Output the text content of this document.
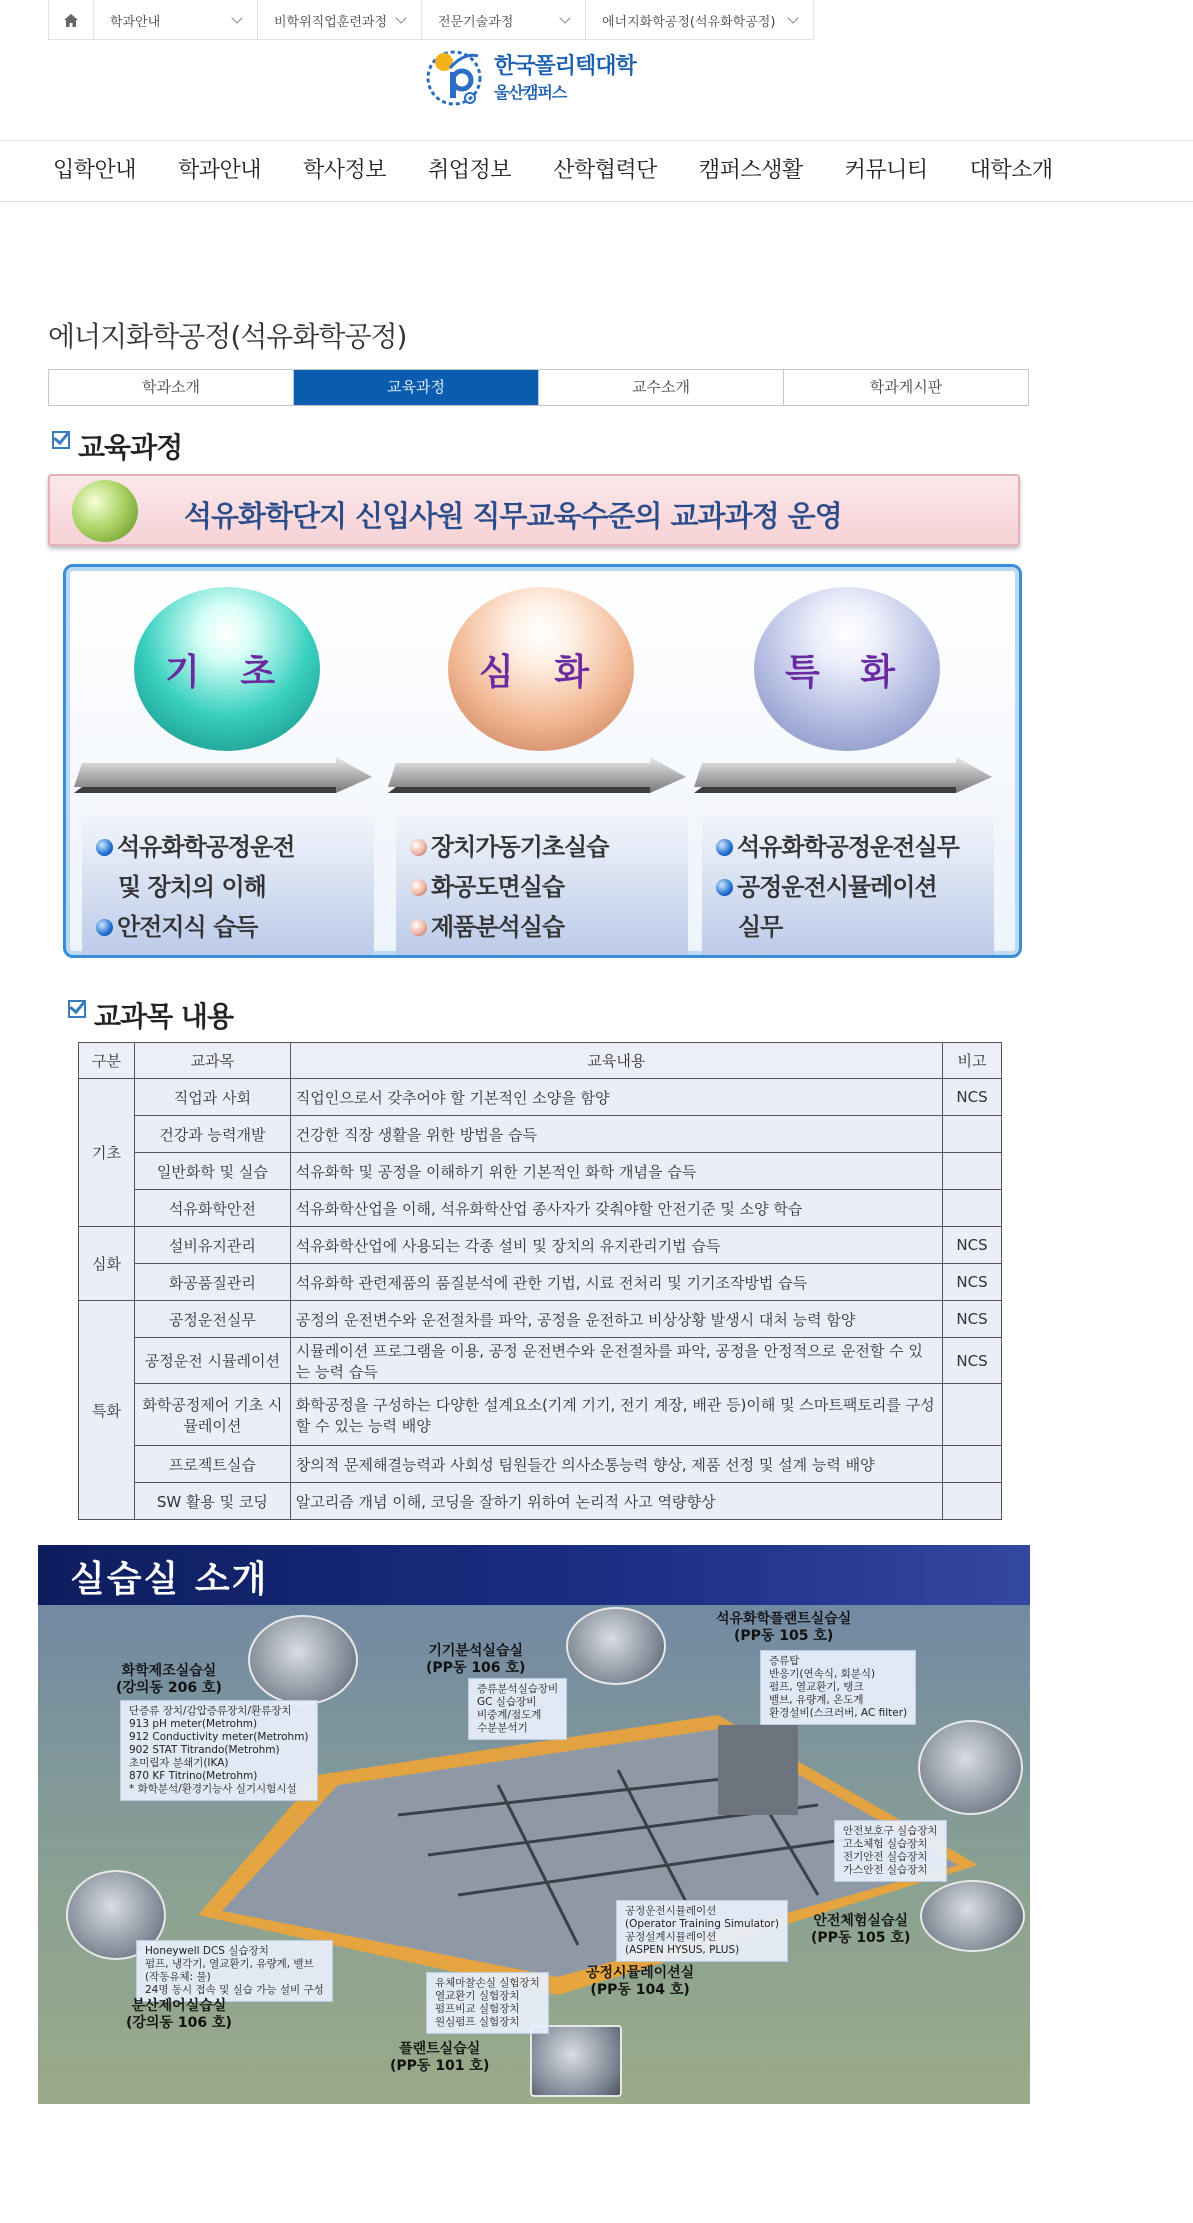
학과안내	비학위직업훈련과정	전문기술과정	에너지화학공정(석유화학공정)
한국폴리텍대학
울산캠퍼스
입학안내	학과안내	학사정보	취업정보	산학협력단	캠퍼스생활	커뮤니티	대학소개
에너지화학공정(석유화학공정)
학과소개	교육과정	교수소개	학과게시판
교육과정
석유화학단지 신입사원 직무교육수준의 교과과정 운영
기 초

석유화학공정운전

및 장치의 이해

안전지식 습득

심 화

장치가동기초실습

화공도면실습

제품분석실습

특 화

석유화학공정운전실무

공정운전시뮬레이션

실무

교과목 내용
구분	교과목	교육내용	비고
기초	직업과 사회	직업인으로서 갖추어야 할 기본적인 소양을 함양	NCS
	건강과 능력개발	건강한 직장 생활을 위한 방법을 습득	
	일반화학 및 실습	석유화학 및 공정을 이해하기 위한 기본적인 화학 개념을 습득	
	석유화학안전	석유화학산업을 이해, 석유화학산업 종사자가 갖춰야할 안전기준 및 소양 학습	
심화	설비유지관리	석유화학산업에 사용되는 각종 설비 및 장치의 유지관리기법 습득	NCS
	화공품질관리	석유화학 관련제품의 품질분석에 관한 기법, 시료 전처리 및 기기조작방법 습득	NCS
특화	공정운전실무	공정의 운전변수와 운전절차를 파악, 공정을 운전하고 비상상황 발생시 대처 능력 함양	NCS
	공정운전 시뮬레이션	시뮬레이션 프로그램을 이용, 공정 운전변수와 운전절차를 파악, 공정을 안정적으로 운전할 수 있는 능력 습득	NCS
	화학공정제어 기초 시뮬레이션	화학공정을 구성하는 다양한 설계요소(기계 기기, 전기 계장, 배관 등)이해 및 스마트팩토리를 구성 할 수 있는 능력 배양	
	프로젝트실습	창의적 문제해결능력과 사회성 팀원들간 의사소통능력 향상, 제품 선정 및 설계 능력 배양	
	SW 활용 및 코딩	알고리즘 개념 이해, 코딩을 잘하기 위하여 논리적 사고 역량향상	
실습실 소개
화학제조실습실
(강의동 206 호)
단증류 장치/감압증류장치/환류장치
913 pH meter(Metrohm)
912 Conductivity meter(Metrohm)
902 STAT Titrando(Metrohm)
초미립자 분쇄기(IKA)
870 KF Titrino(Metrohm)
* 화학분석/환경기능사 실기시험시설
기기분석실습실
(PP동 106 호)
증류분석실습장비
GC 실습장비
비중계/점도계
수분분석기
석유화학플랜트실습실
(PP동 105 호)
증류탑
반응기(연속식, 회분식)
펌프, 열교환기, 탱크
밸브, 유량계, 온도계
환경설비(스크러버, AC filter)
안전보호구 실습장치
고소체험 실습장치
전기안전 실습장치
가스안전 실습장치
안전체험실습실
(PP동 105 호)
공정운전시뮬레이션
(Operator Training Simulator)
공정설계시뮬레이션
(ASPEN HYSUS, PLUS)
공정시뮬레이션실
(PP동 104 호)
Honeywell DCS 실습장치
펌프, 냉각기, 열교환기, 유량계, 밸브
(작동유체: 물)
24명 동시 접속 및 실습 가능 설비 구성
분산제어실습실
(강의동 106 호)
유체마찰손실 실험장치
열교환기 실험장치
펌프비교 실험장치
원심펌프 실험장치
플랜트실습실
(PP동 101 호)
